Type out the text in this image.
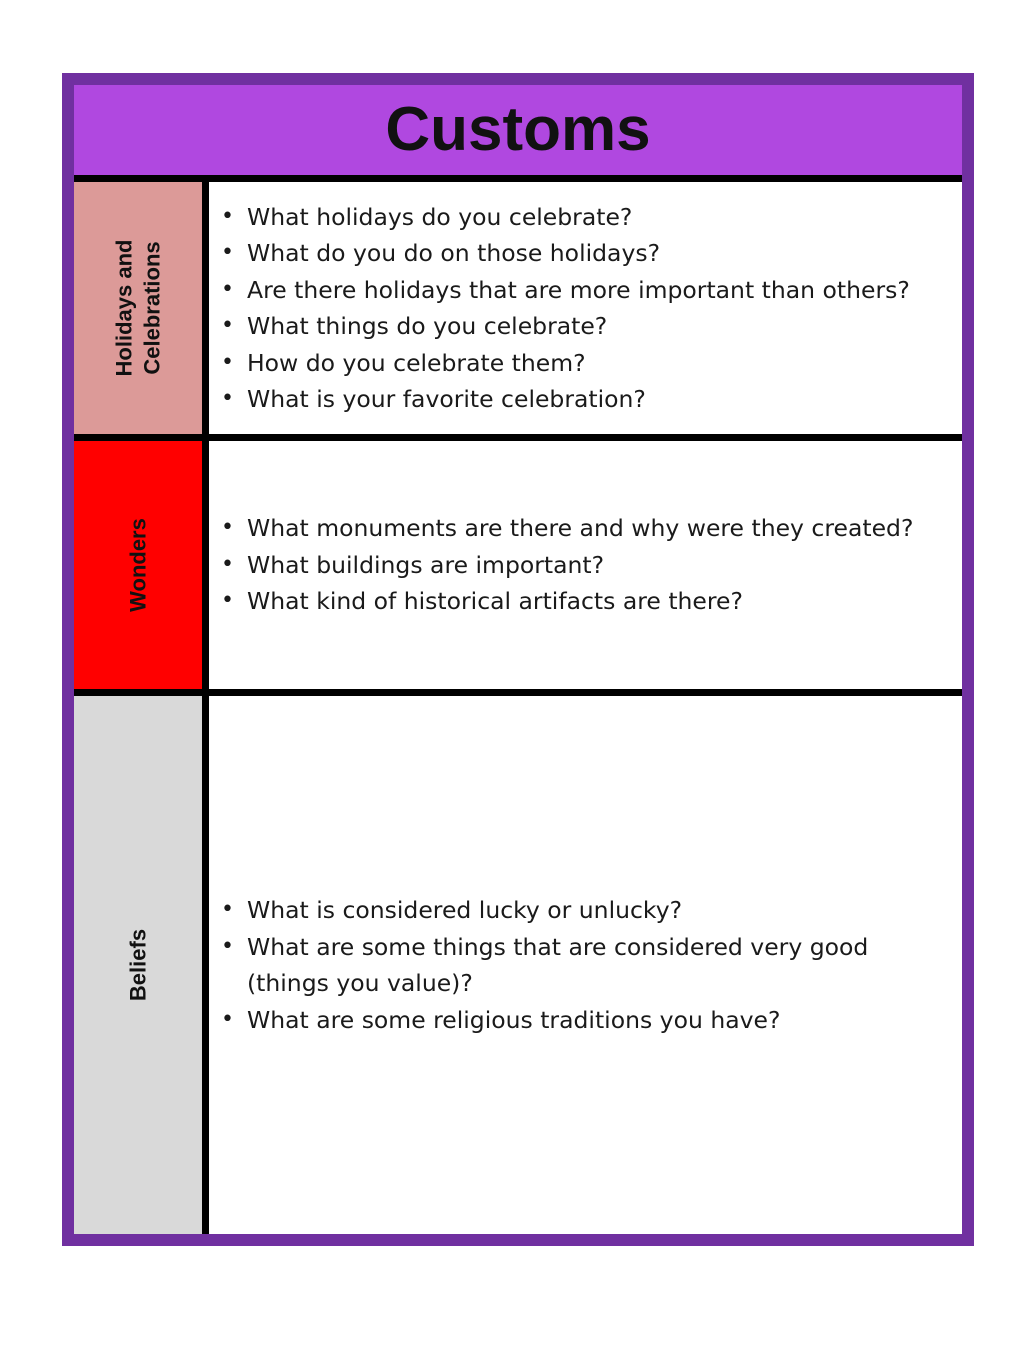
Customs
Holidays and Celebrations
• What holidays do you celebrate?
• What do you do on those holidays?
• Are there holidays that are more important than others?
• What things do you celebrate?
• How do you celebrate them?
• What is your favorite celebration?
Wonders
•	What monuments are there and why were they created?
• What buildings are important?
• What kind of historical artifacts are there?
Beliefs
• What is considered lucky or unlucky?
• What are some things that are considered very good (things you value)?
• What are some religious traditions you have?
